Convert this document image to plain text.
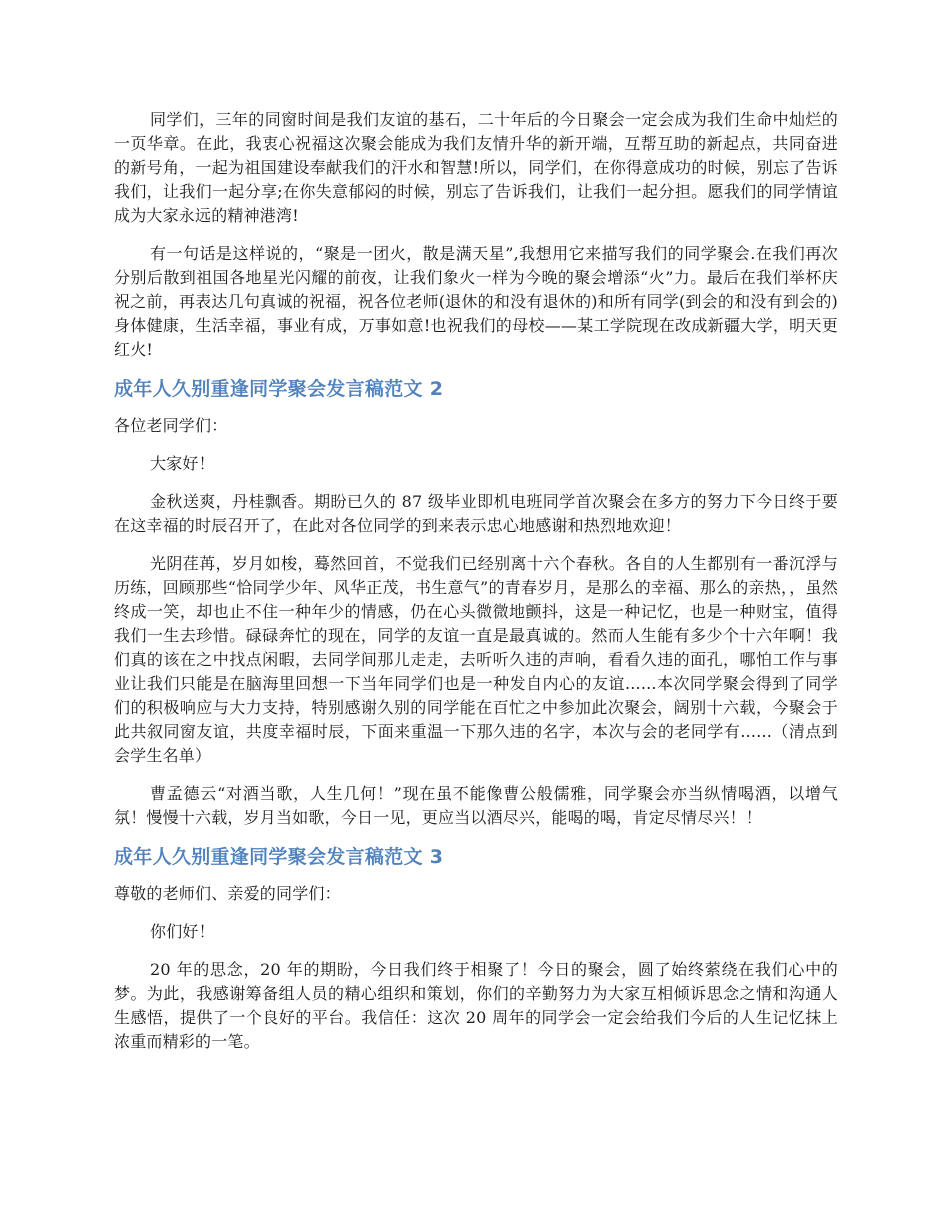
同学们，三年的同窗时间是我们友谊的基石，二十年后的今日聚会一定会成为我们生命中灿烂的一页华章。在此，我衷心祝福这次聚会能成为我们友情升华的新开端，互帮互助的新起点，共同奋进的新号角，一起为祖国建设奉献我们的汗水和智慧!所以，同学们，在你得意成功的时候，别忘了告诉我们，让我们一起分享;在你失意郁闷的时候，别忘了告诉我们，让我们一起分担。愿我们的同学情谊成为大家永远的精神港湾!

有一句话是这样说的，“聚是一团火，散是满天星”,我想用它来描写我们的同学聚会.在我们再次分别后散到祖国各地星光闪耀的前夜，让我们象火一样为今晚的聚会增添“火”力。最后在我们举杯庆祝之前，再表达几句真诚的祝福，祝各位老师(退休的和没有退休的)和所有同学(到会的和没有到会的)身体健康，生活幸福，事业有成，万事如意!也祝我们的母校——某工学院现在改成新疆大学，明天更红火!

成年人久别重逢同学聚会发言稿范文 2

各位老同学们：

大家好！

金秋送爽，丹桂飘香。期盼已久的 87 级毕业即机电班同学首次聚会在多方的努力下今日终于要在这幸福的时辰召开了，在此对各位同学的到来表示忠心地感谢和热烈地欢迎！

光阴荏苒，岁月如梭，蓦然回首，不觉我们已经别离十六个春秋。各自的人生都别有一番沉浮与历练，回顾那些“恰同学少年、风华正茂，书生意气”的青春岁月，是那么的幸福、那么的亲热，，虽然终成一笑，却也止不住一种年少的情感，仍在心头微微地颤抖，这是一种记忆，也是一种财宝，值得我们一生去珍惜。碌碌奔忙的现在，同学的友谊一直是最真诚的。然而人生能有多少个十六年啊！我们真的该在之中找点闲暇，去同学间那儿走走，去听听久违的声响，看看久违的面孔，哪怕工作与事业让我们只能是在脑海里回想一下当年同学们也是一种发自内心的友谊......本次同学聚会得到了同学们的积极响应与大力支持，特别感谢久别的同学能在百忙之中参加此次聚会，阔别十六载，今聚会于此共叙同窗友谊，共度幸福时辰，下面来重温一下那久违的名字，本次与会的老同学有......（清点到会学生名单）

曹孟德云“对酒当歌，人生几何！”现在虽不能像曹公般儒雅，同学聚会亦当纵情喝酒，以增气氛！慢慢十六载，岁月当如歌，今日一见，更应当以酒尽兴，能喝的喝，肯定尽情尽兴！！

成年人久别重逢同学聚会发言稿范文 3

尊敬的老师们、亲爱的同学们：

你们好！

20 年的思念，20 年的期盼，今日我们终于相聚了！今日的聚会，圆了始终萦绕在我们心中的梦。为此，我感谢筹备组人员的精心组织和策划，你们的辛勤努力为大家互相倾诉思念之情和沟通人生感悟，提供了一个良好的平台。我信任：这次 20 周年的同学会一定会给我们今后的人生记忆抹上浓重而精彩的一笔。
